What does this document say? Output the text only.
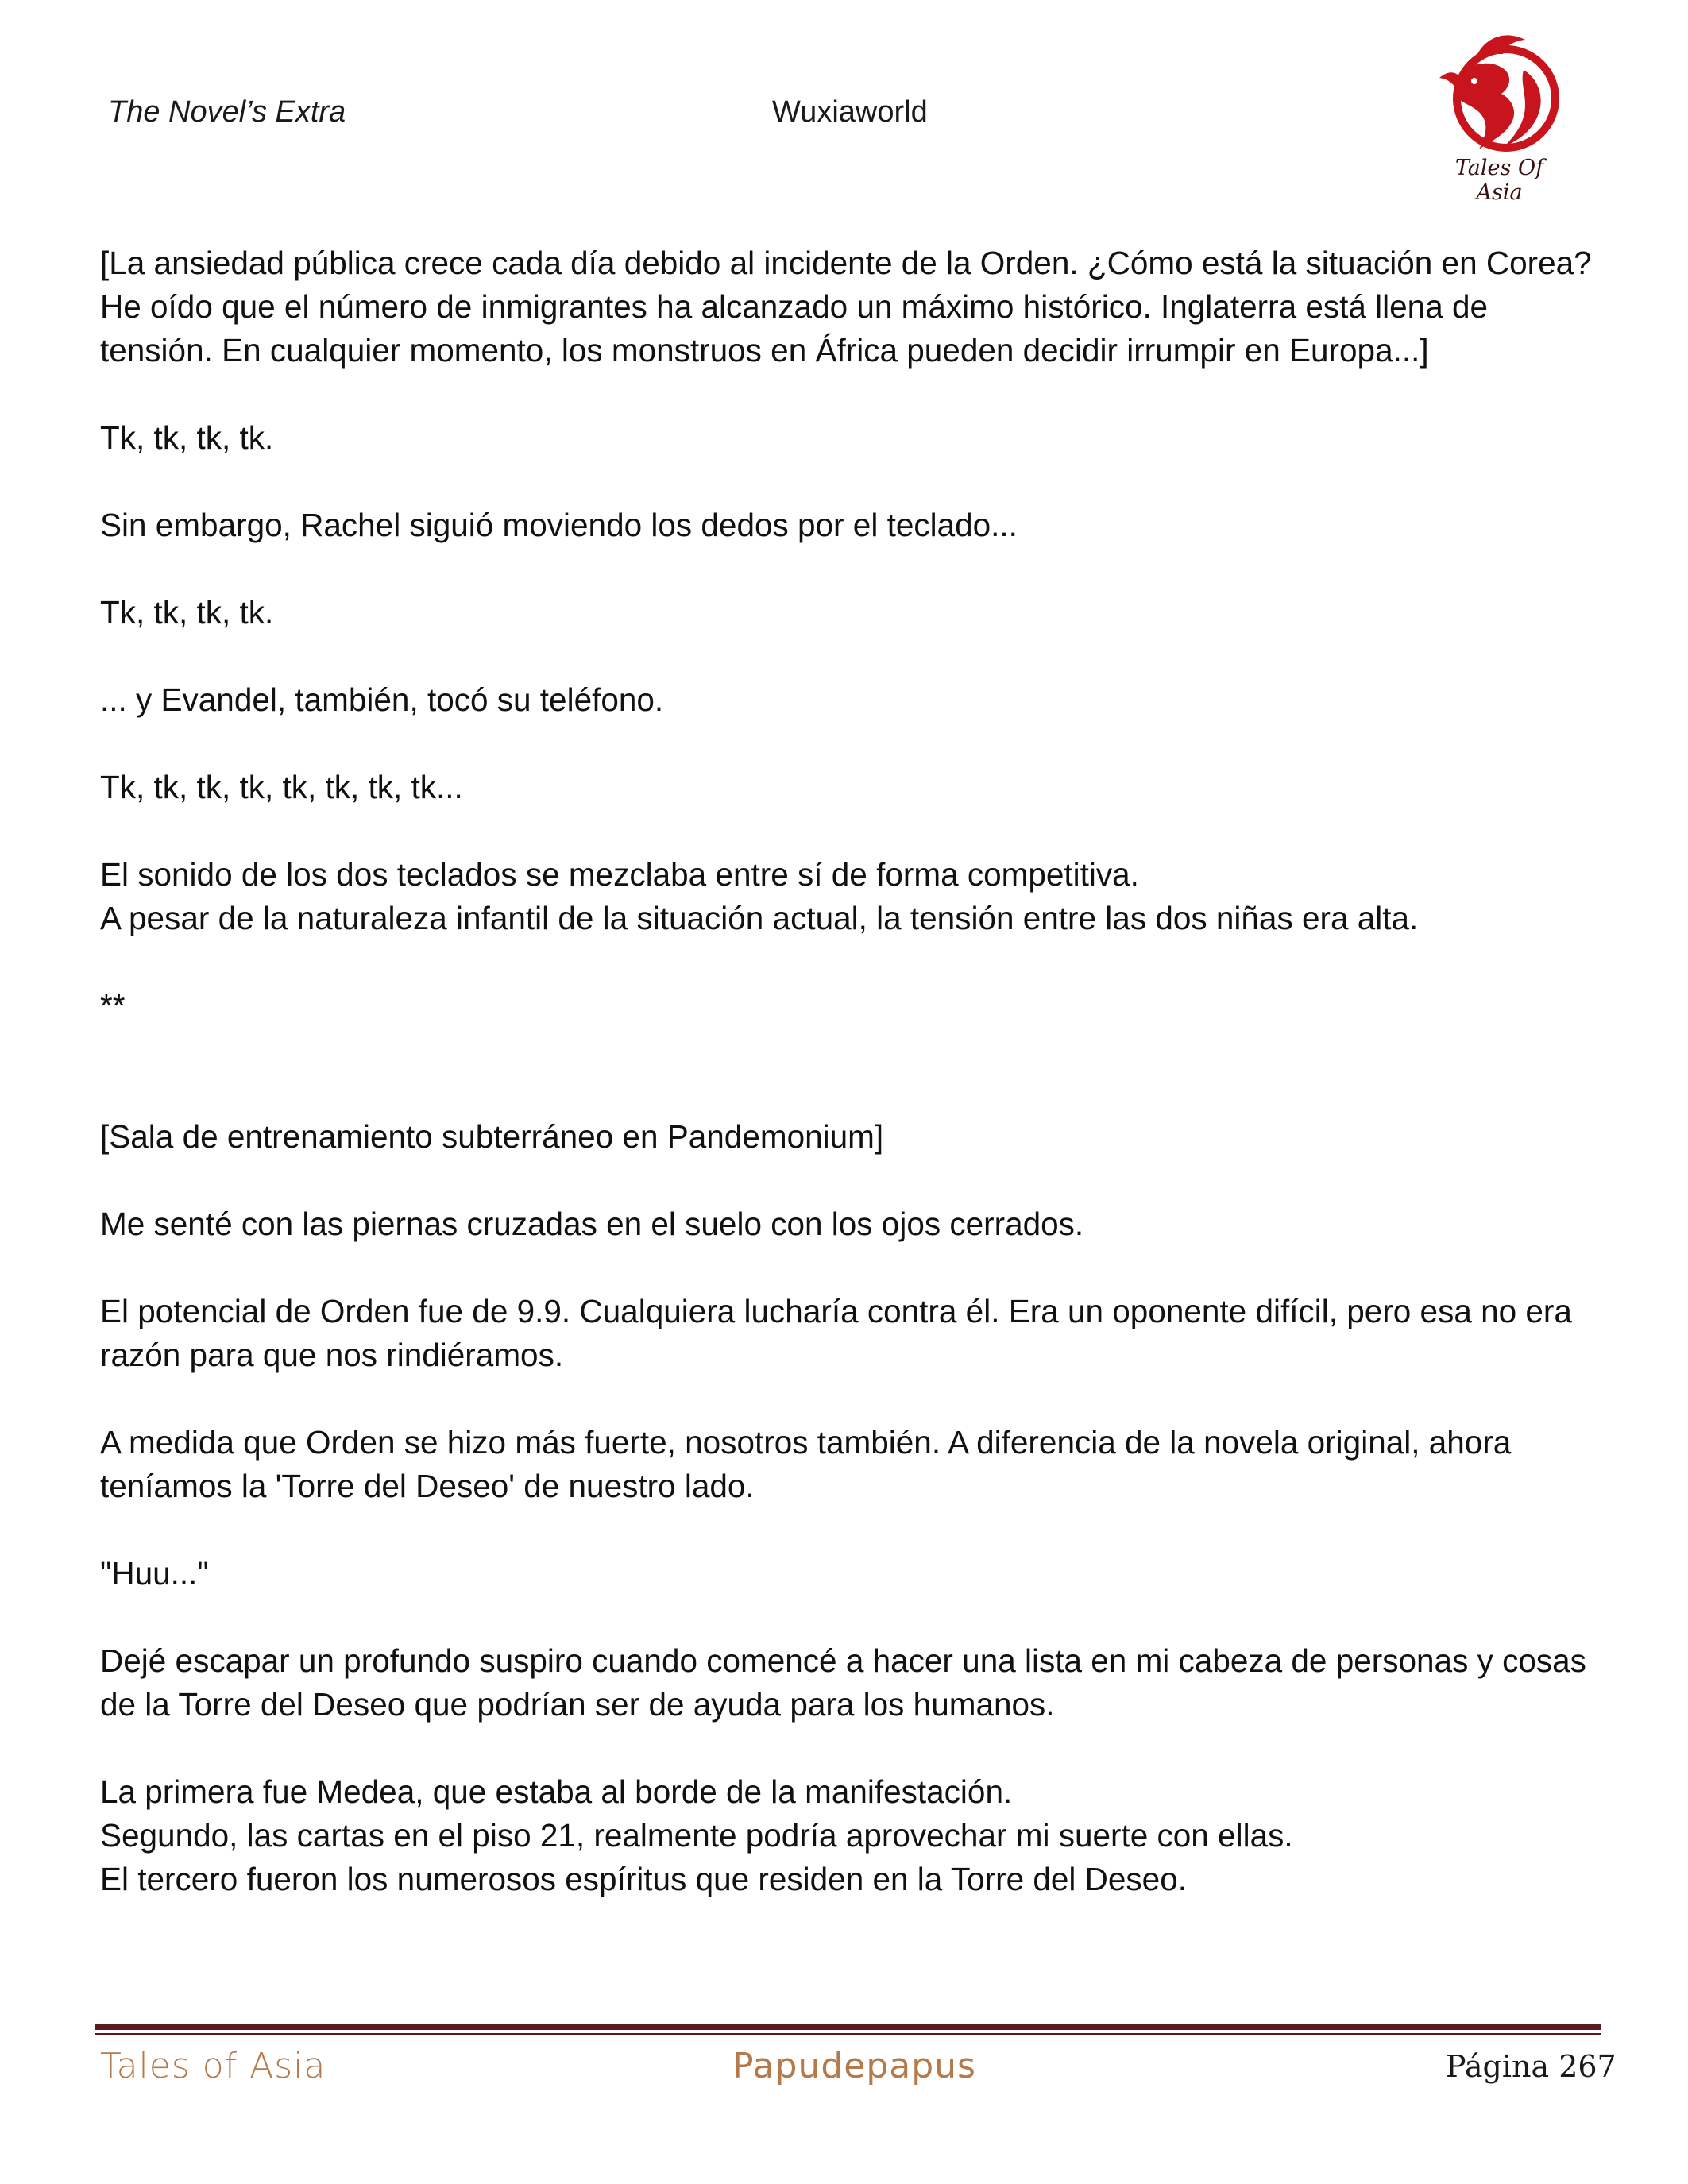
The Novel’s Extra	Wuxiaworld
Tales Of Asia

[La ansiedad pública crece cada día debido al incidente de la Orden. ¿Cómo está la situación en Corea? He oído que el número de inmigrantes ha alcanzado un máximo histórico. Inglaterra está llena de tensión. En cualquier momento, los monstruos en África pueden decidir irrumpir en Europa...]

Tk, tk, tk, tk.

Sin embargo, Rachel siguió moviendo los dedos por el teclado...

Tk, tk, tk, tk.

... y Evandel, también, tocó su teléfono.

Tk, tk, tk, tk, tk, tk, tk, tk...

El sonido de los dos teclados se mezclaba entre sí de forma competitiva.

A pesar de la naturaleza infantil de la situación actual, la tensión entre las dos niñas era alta.

**

[Sala de entrenamiento subterráneo en Pandemonium]

Me senté con las piernas cruzadas en el suelo con los ojos cerrados.

El potencial de Orden fue de 9.9. Cualquiera lucharía contra él. Era un oponente difícil, pero esa no era razón para que nos rindiéramos.

A medida que Orden se hizo más fuerte, nosotros también. A diferencia de la novela original, ahora teníamos la 'Torre del Deseo' de nuestro lado.

"Huu..."

Dejé escapar un profundo suspiro cuando comencé a hacer una lista en mi cabeza de personas y cosas de la Torre del Deseo que podrían ser de ayuda para los humanos.

La primera fue Medea, que estaba al borde de la manifestación.

Segundo, las cartas en el piso 21, realmente podría aprovechar mi suerte con ellas.

El tercero fueron los numerosos espíritus que residen en la Torre del Deseo.

Tales of Asia	Papudepapus	Página 267
